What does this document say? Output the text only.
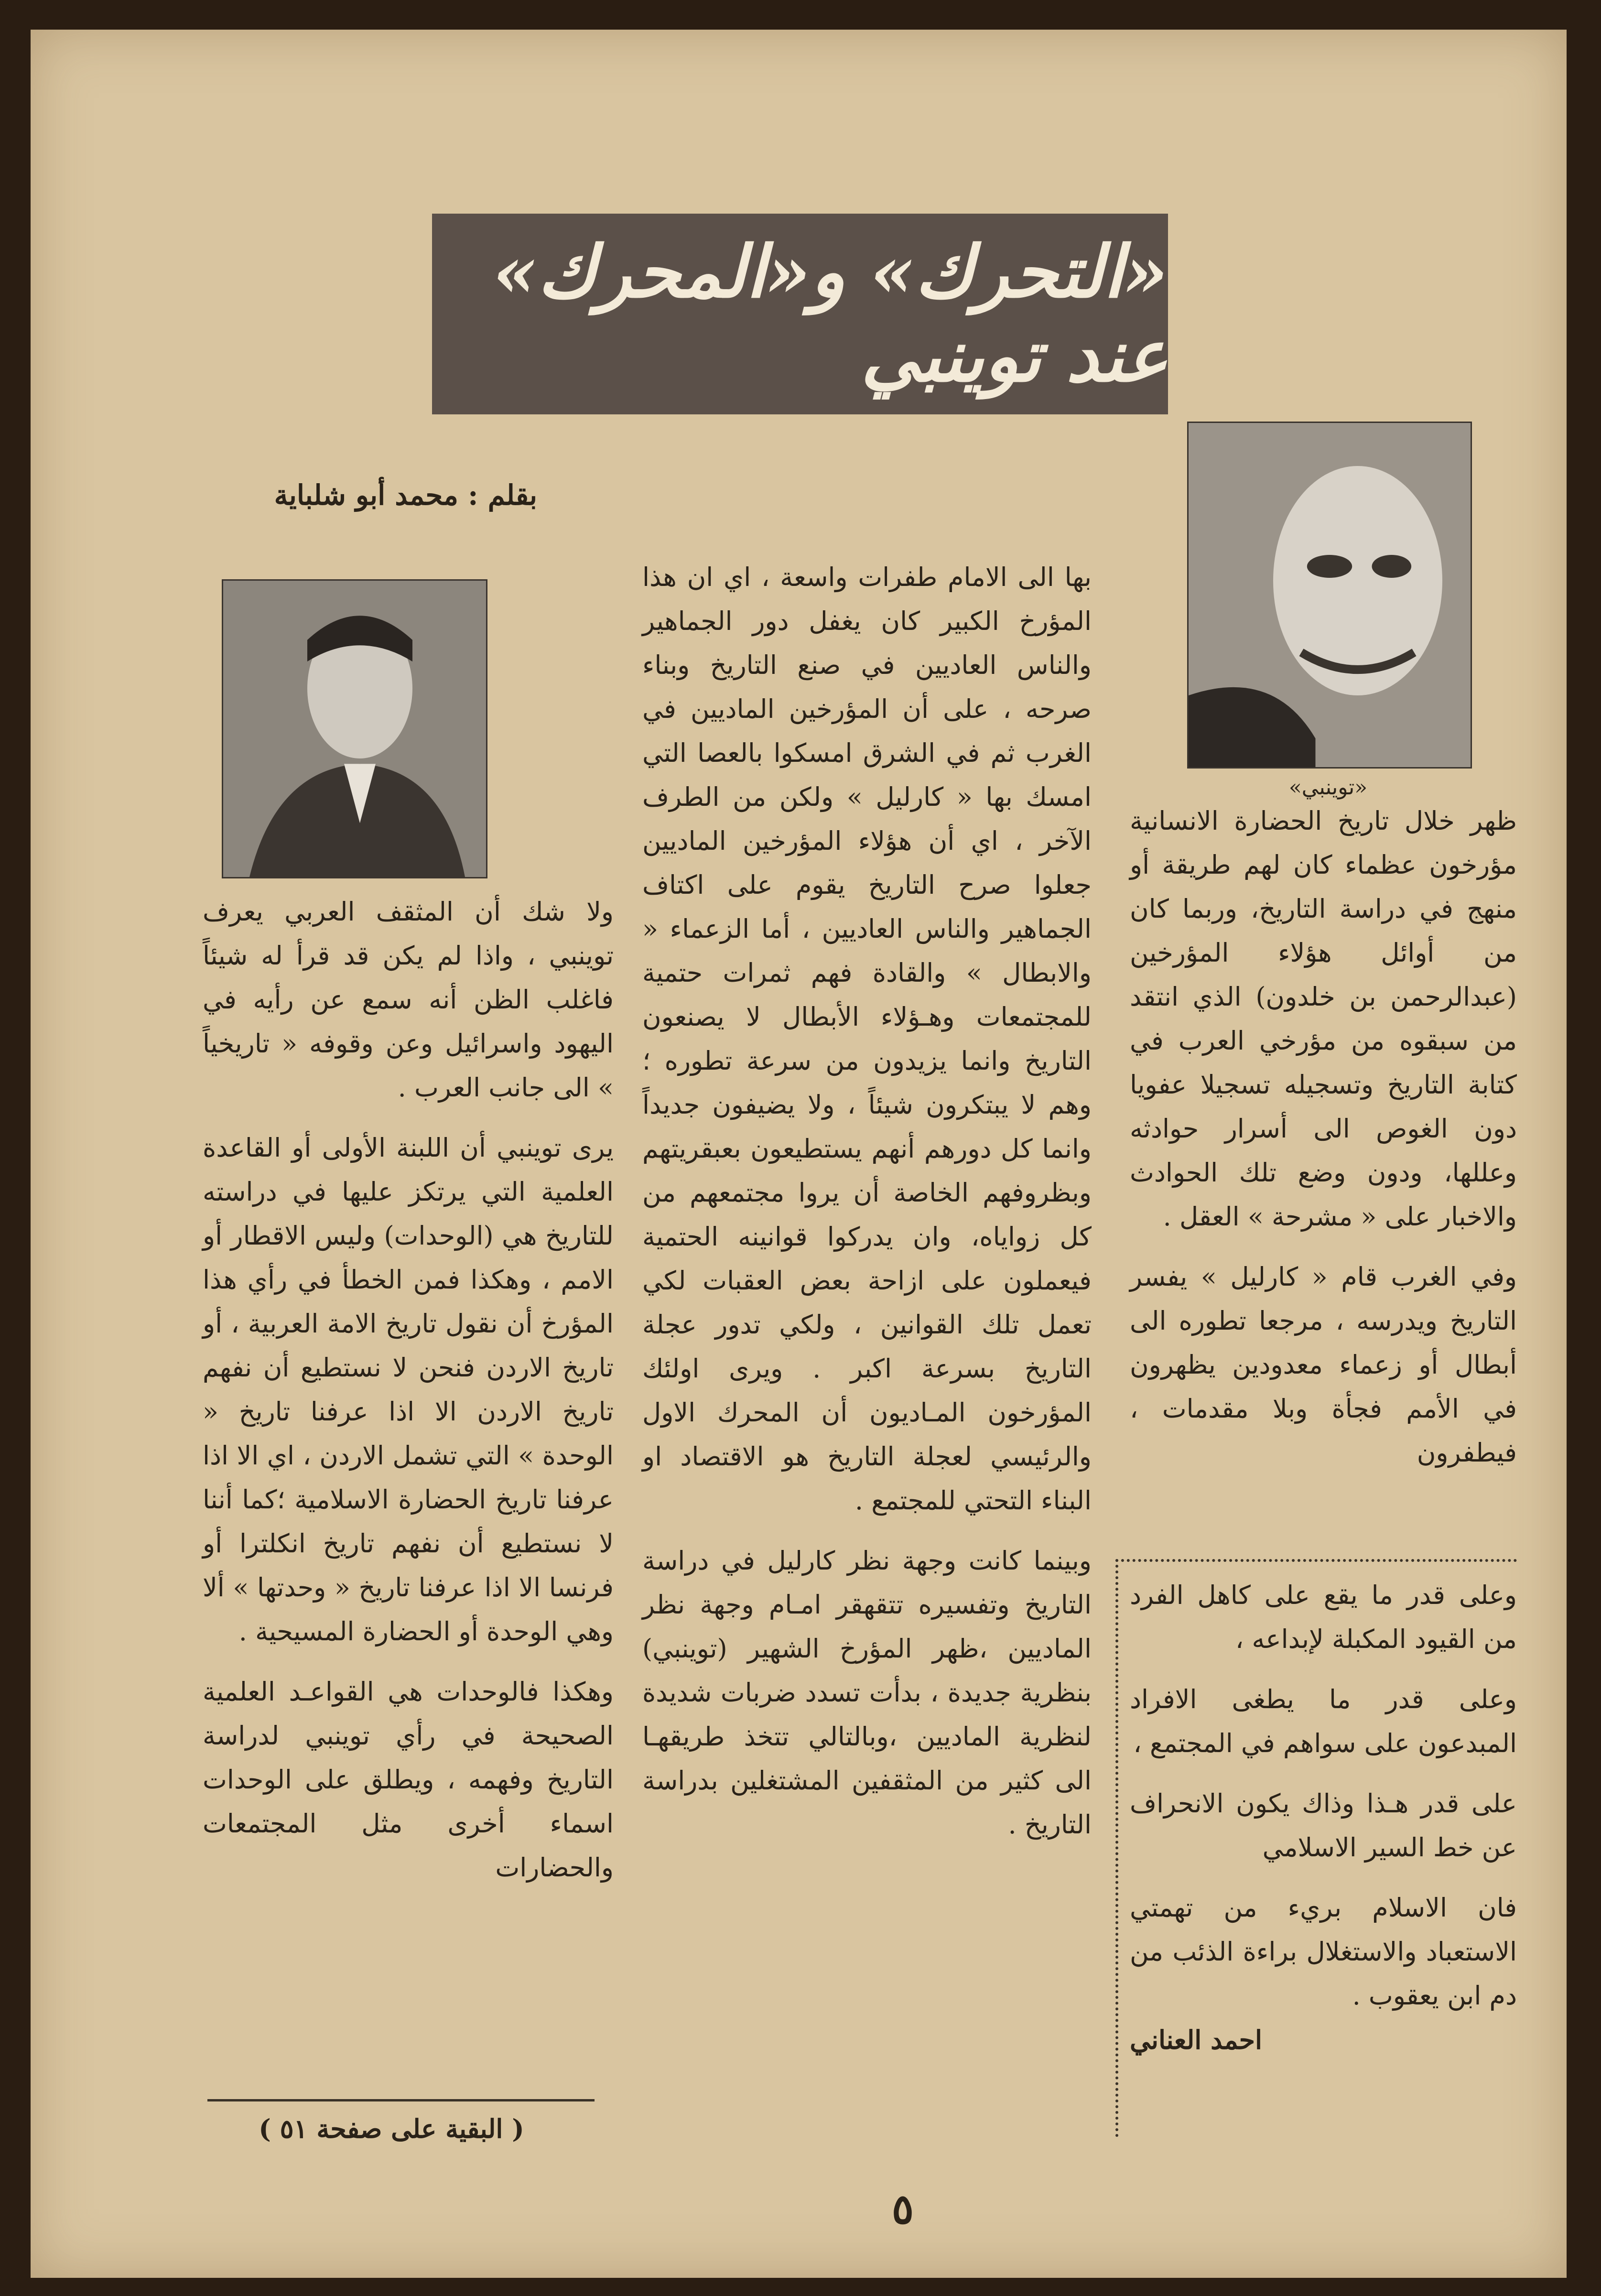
«التحرك» و«المحرك» عند توينبي
بقلم : محمد أبو شلباية
«توينبي»

ظهر خلال تاريخ الحضارة الانسانية مؤرخون عظماء كان لهم طريقة أو منهج في دراسة التاريخ، وربما كان من أوائل هؤلاء المؤرخين (عبدالرحمن بن خلدون) الذي انتقد من سبقوه من مؤرخي العرب في كتابة التاريخ وتسجيله تسجيلا عفويا دون الغوص الى أسرار حوادثه وعللها، ودون وضع تلك الحوادث والاخبار على « مشرحة » العقل .

وفي الغرب قام « كارليل » يفسر التاريخ ويدرسه ، مرجعا تطوره الى أبطال أو زعماء معدودين يظهرون في الأمم فجأة وبلا مقدمات ، فيطفرون

وعلى قدر ما يقع على كاهل الفرد من القيود المكبلة لإبداعه ،

وعلى قدر ما يطغى الافراد المبدعون على سواهم في المجتمع ،

على قدر هـذا وذاك يكون الانحراف عن خط السير الاسلامي

فان الاسلام بريء من تهمتي الاستعباد والاستغلال براءة الذئب من دم ابن يعقوب .

احمد العناني

بها الى الامام طفرات واسعة ، اي ان هذا المؤرخ الكبير كان يغفل دور الجماهير والناس العاديين في صنع التاريخ وبناء صرحه ، على أن المؤرخين الماديين في الغرب ثم في الشرق امسكوا بالعصا التي امسك بها « كارليل » ولكن من الطرف الآخر ، اي أن هؤلاء المؤرخين الماديين جعلوا صرح التاريخ يقوم على اكتاف الجماهير والناس العاديين ، أما الزعماء « والابطال » والقادة فهم ثمرات حتمية للمجتمعات وهـؤلاء الأبطال لا يصنعون التاريخ وانما يزيدون من سرعة تطوره ؛ وهم لا يبتكرون شيئاً ، ولا يضيفون جديداً وانما كل دورهم أنهم يستطيعون بعبقريتهم وبظروفهم الخاصة أن يروا مجتمعهم من كل زواياه، وان يدركوا قوانينه الحتمية فيعملون على ازاحة بعض العقبات لكي تعمل تلك القوانين ، ولكي تدور عجلة التاريخ بسرعة اكبر . ويرى اولئك المؤرخون المـاديون أن المحرك الاول والرئيسي لعجلة التاريخ هو الاقتصاد او البناء التحتي للمجتمع .

وبينما كانت وجهة نظر كارليل في دراسة التاريخ وتفسيره تتقهقر امـام وجهة نظر الماديين ،ظهر المؤرخ الشهير (توينبي) بنظرية جديدة ، بدأت تسدد ضربات شديدة لنظرية الماديين ،وبالتالي تتخذ طريقهـا الى كثير من المثقفين المشتغلين بدراسة التاريخ .

ولا شك أن المثقف العربي يعرف توينبي ، واذا لم يكن قد قرأ له شيئاً فاغلب الظن أنه سمع عن رأيه في اليهود واسرائيل وعن وقوفه « تاريخياً » الى جانب العرب .

يرى توينبي أن اللبنة الأولى أو القاعدة العلمية التي يرتكز عليها في دراسته للتاريخ هي (الوحدات) وليس الاقطار أو الامم ، وهكذا فمن الخطأ في رأي هذا المؤرخ أن نقول تاريخ الامة العربية ، أو تاريخ الاردن فنحن لا نستطيع أن نفهم تاريخ الاردن الا اذا عرفنا تاريخ « الوحدة » التي تشمل الاردن ، اي الا اذا عرفنا تاريخ الحضارة الاسلامية ؛كما أننا لا نستطيع أن نفهم تاريخ انكلترا أو فرنسا الا اذا عرفنا تاريخ « وحدتها » ألا وهي الوحدة أو الحضارة المسيحية .

وهكذا فالوحدات هي القواعـد العلمية الصحيحة في رأي توينبي لدراسة التاريخ وفهمه ، ويطلق على الوحدات اسماء أخرى مثل المجتمعات والحضارات

( البقية على صفحة ٥١ )
٥
